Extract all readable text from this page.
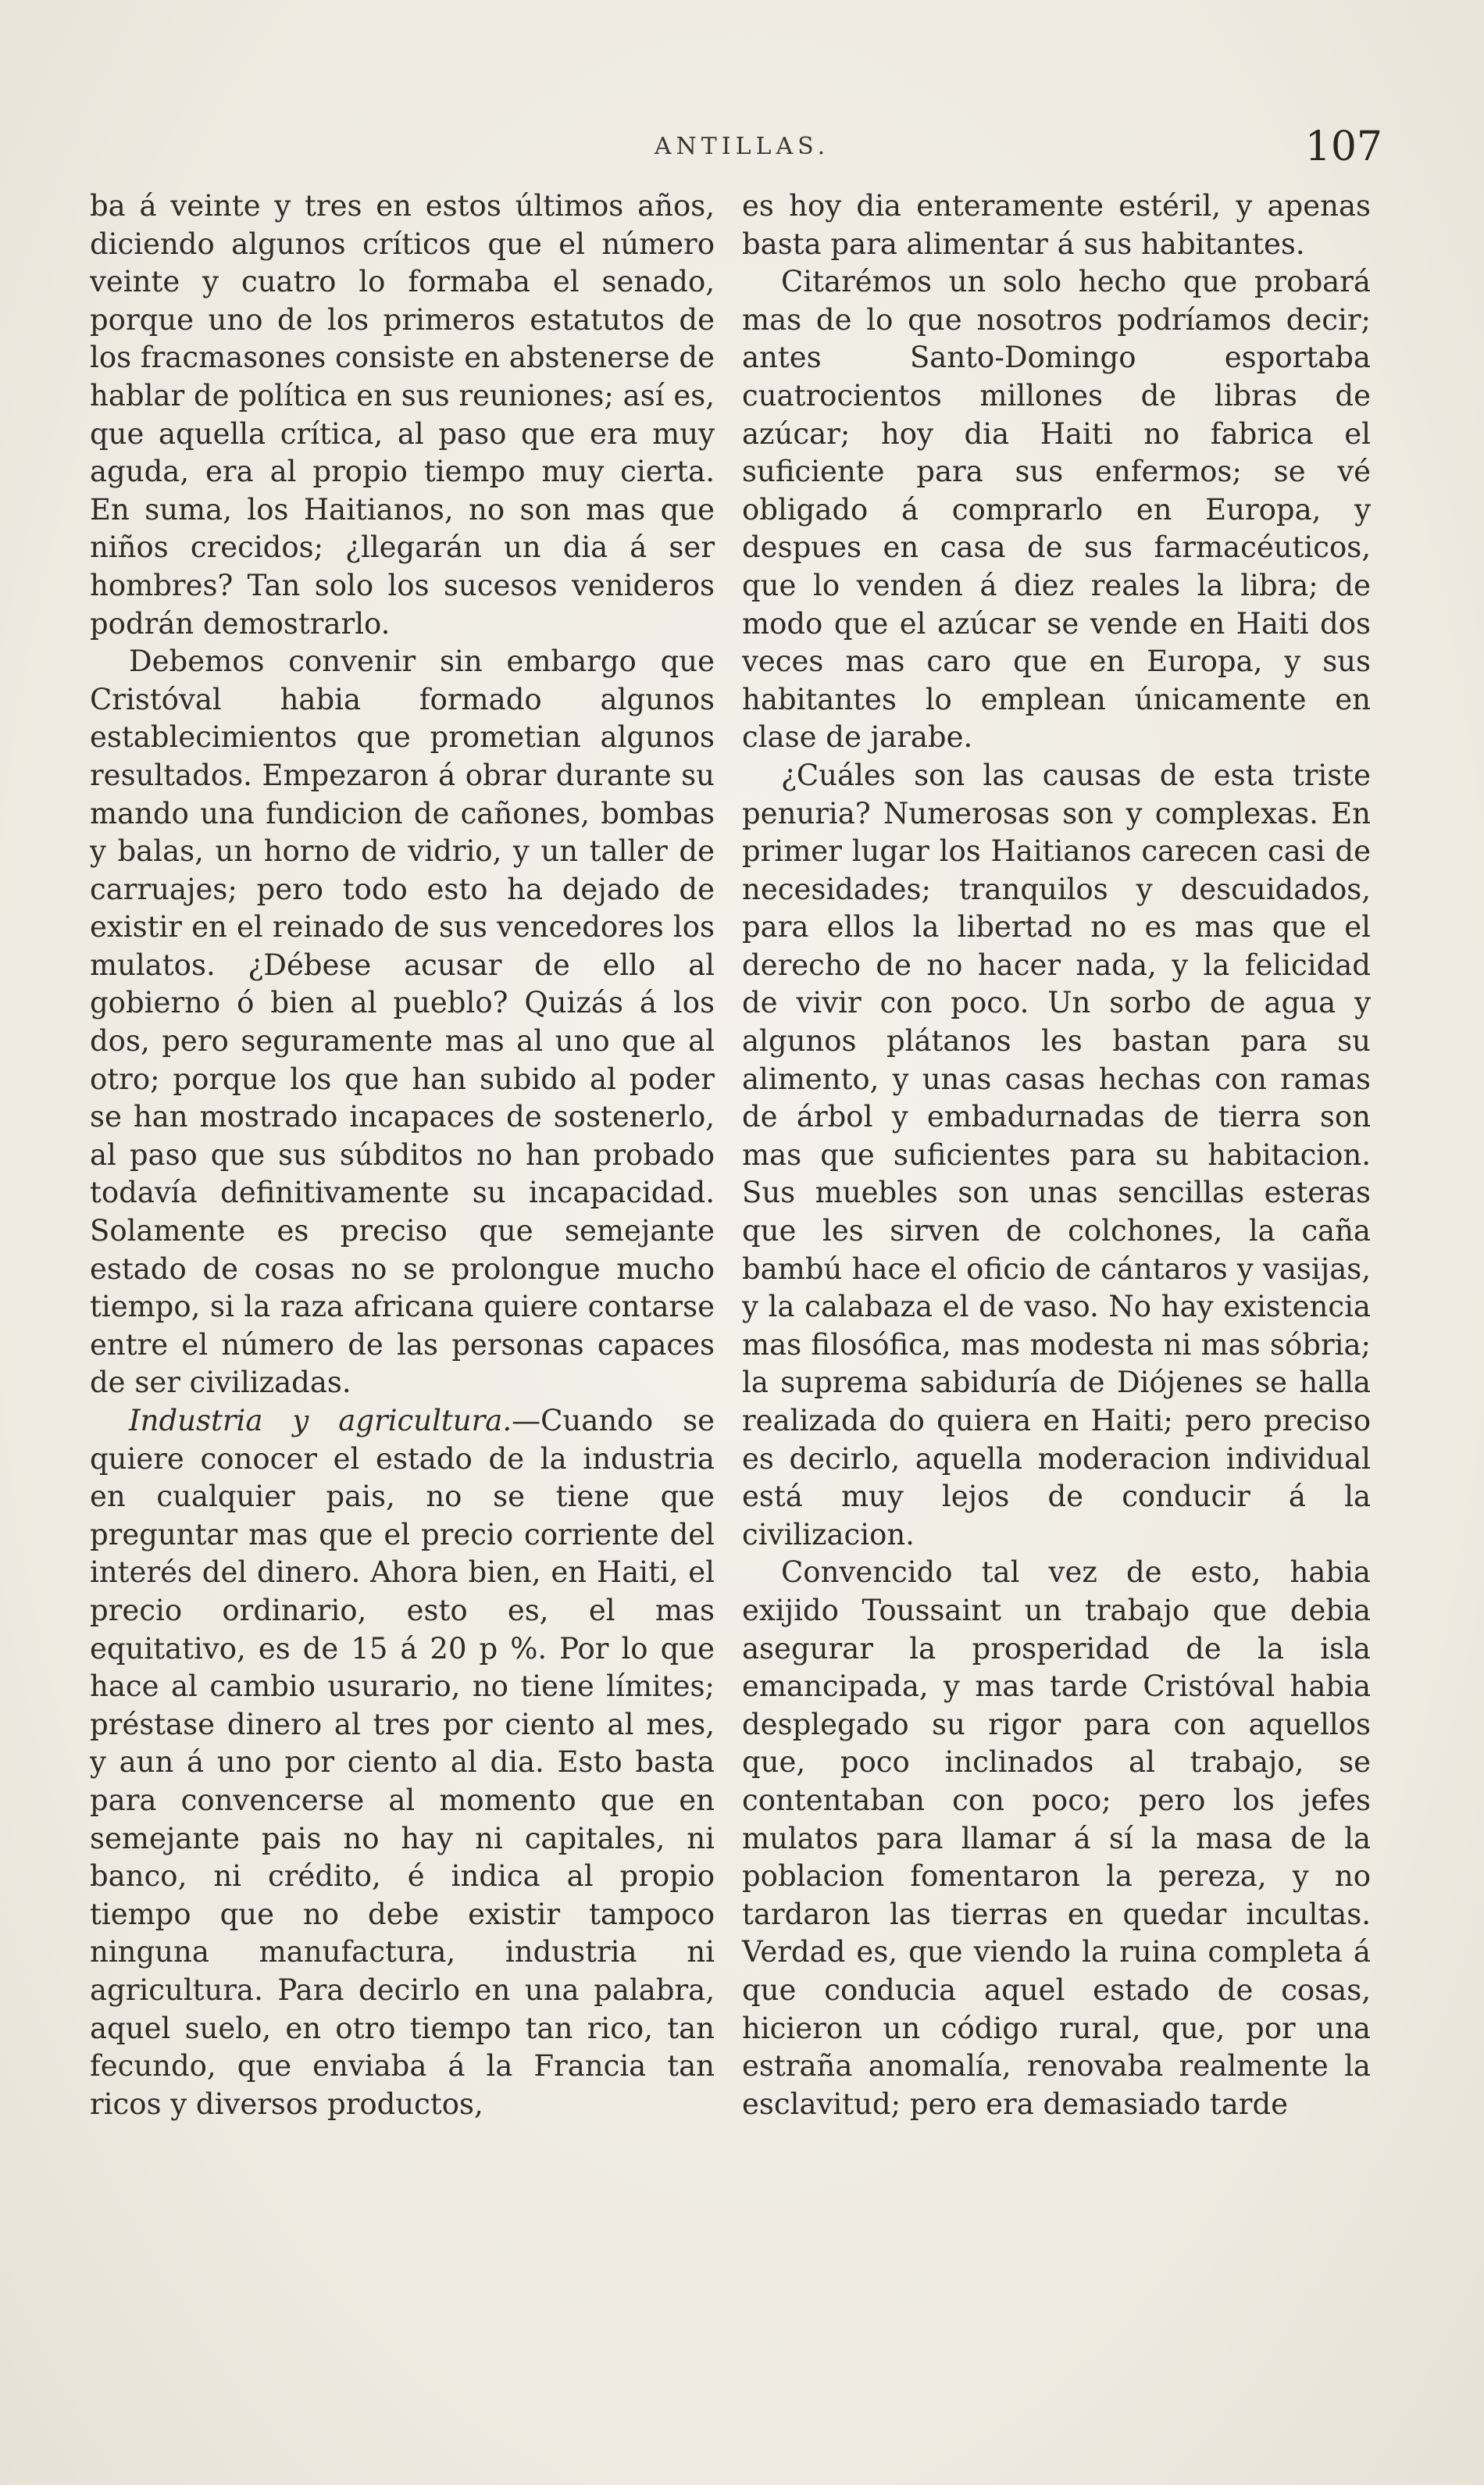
ANTILLAS.	107

ba á veinte y tres en estos últimos años, diciendo algunos críticos que el número veinte y cuatro lo formaba el senado, porque uno de los primeros estatutos de los fracmasones consiste en abstenerse de hablar de política en sus reuniones; así es, que aquella crítica, al paso que era muy aguda, era al propio tiempo muy cierta. En suma, los Haitianos, no son mas que niños crecidos; ¿llegarán un dia á ser hombres? Tan solo los sucesos venideros podrán demostrarlo.

Debemos convenir sin embargo que Cristóval habia formado algunos establecimientos que prometian algunos resultados. Empezaron á obrar durante su mando una fundicion de cañones, bombas y balas, un horno de vidrio, y un taller de carruajes; pero todo esto ha dejado de existir en el reinado de sus vencedores los mulatos. ¿Débese acusar de ello al gobierno ó bien al pueblo? Quizás á los dos, pero seguramente mas al uno que al otro; porque los que han subido al poder se han mostrado incapaces de sostenerlo, al paso que sus súbditos no han probado todavía definitivamente su incapacidad. Solamente es preciso que semejante estado de cosas no se prolongue mucho tiempo, si la raza africana quiere contarse entre el número de las personas capaces de ser civilizadas.

Industria y agricultura.—Cuando se quiere conocer el estado de la industria en cualquier pais, no se tiene que preguntar mas que el precio corriente del interés del dinero. Ahora bien, en Haiti, el precio ordinario, esto es, el mas equitativo, es de 15 á 20 p %. Por lo que hace al cambio usurario, no tiene límites; préstase dinero al tres por ciento al mes, y aun á uno por ciento al dia. Esto basta para convencerse al momento que en semejante pais no hay ni capitales, ni banco, ni crédito, é indica al propio tiempo que no debe existir tampoco ninguna manufactura, industria ni agricultura. Para decirlo en una palabra, aquel suelo, en otro tiempo tan rico, tan fecundo, que enviaba á la Francia tan ricos y diversos productos,

es hoy dia enteramente estéril, y apenas basta para alimentar á sus habitantes.

Citarémos un solo hecho que probará mas de lo que nosotros podríamos decir; antes Santo-Domingo esportaba cuatrocientos millones de libras de azúcar; hoy dia Haiti no fabrica el suficiente para sus enfermos; se vé obligado á comprarlo en Europa, y despues en casa de sus farmacéuticos, que lo venden á diez reales la libra; de modo que el azúcar se vende en Haiti dos veces mas caro que en Europa, y sus habitantes lo emplean únicamente en clase de jarabe.

¿Cuáles son las causas de esta triste penuria? Numerosas son y complexas. En primer lugar los Haitianos carecen casi de necesidades; tranquilos y descuidados, para ellos la libertad no es mas que el derecho de no hacer nada, y la felicidad de vivir con poco. Un sorbo de agua y algunos plátanos les bastan para su alimento, y unas casas hechas con ramas de árbol y embadurnadas de tierra son mas que suficientes para su habitacion. Sus muebles son unas sencillas esteras que les sirven de colchones, la caña bambú hace el oficio de cántaros y vasijas, y la calabaza el de vaso. No hay existencia mas filosófica, mas modesta ni mas sóbria; la suprema sabiduría de Diójenes se halla realizada do quiera en Haiti; pero preciso es decirlo, aquella moderacion individual está muy lejos de conducir á la civilizacion.

Convencido tal vez de esto, habia exijido Toussaint un trabajo que debia asegurar la prosperidad de la isla emancipada, y mas tarde Cristóval habia desplegado su rigor para con aquellos que, poco inclinados al trabajo, se contentaban con poco; pero los jefes mulatos para llamar á sí la masa de la poblacion fomentaron la pereza, y no tardaron las tierras en quedar incultas. Verdad es, que viendo la ruina completa á que conducia aquel estado de cosas, hicieron un código rural, que, por una estraña anomalía, renovaba realmente la esclavitud; pero era demasiado tarde
